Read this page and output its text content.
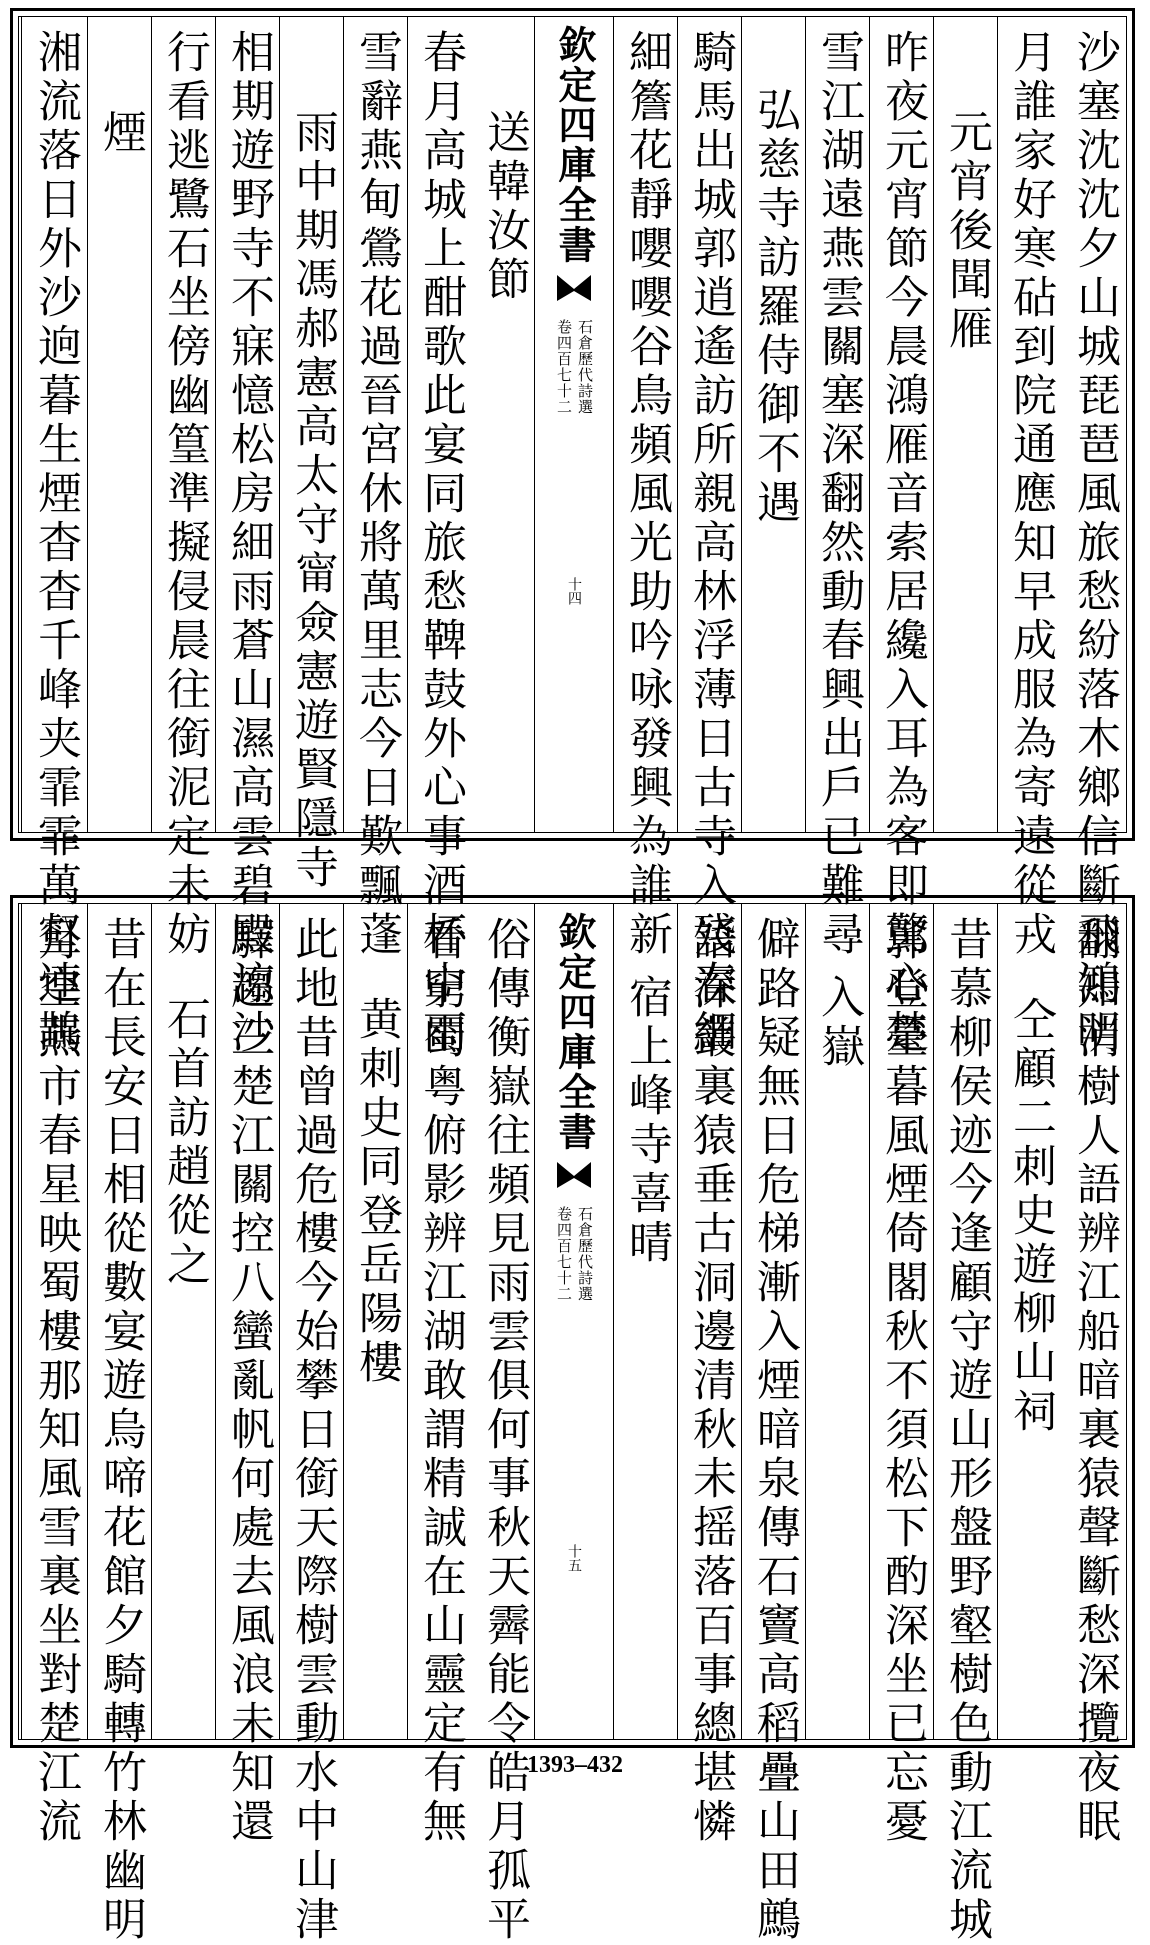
沙塞沈沈夕山城琵琶風旅愁紛落木鄉信斷飛鴻明
月誰家好寒砧到院通應知早成服為寄遠從戎
元宵後聞雁
昨夜元宵節今晨鴻雁音索居纔入耳為客即驚心楚
雪江湖遠燕雲關塞深翻然動春興出戶已難尋
弘慈寺訪羅侍御不遇
騎馬出城郭逍遙訪所親高林浮薄日古寺入殘春細
細簷花靜嚶嚶谷鳥頻風光助吟咏發興為誰新
欽定四庫全書
石倉歷代詩選
卷四百七十二
十四
送韓汝節
春月高城上酣歌此宴同旅愁鞞鼓外心事酒杯中雨
雪辭燕甸鶯花過晉宮休將萬里志今日歎飄蓬
雨中期馮郝憲高太守甯僉憲遊賢隱寺
相期遊野寺不寐憶松房細雨蒼山濕高雲碧殿涼沙
行看逃鷺石坐傍幽篁準擬侵晨往銜泥定未妨
煙
湘流落日外沙逈暮生煙杳杳千峰夹霏霏萬壑連鵲
翻知消樹人語辨江船暗裏猿聲斷愁深攬夜眠
仝顧二刺史遊柳山祠
昔慕柳侯迹今逢顧守遊山形盤野壑樹色動江流城
郭登臺暮風煙倚閣秋不須松下酌深坐已忘憂
入嶽
僻路疑無日危梯漸入煙暗泉傳石竇高稻疊山田鷓
語深叢裏猿垂古洞邊清秋未摇落百事總堪憐
宿上峰寺喜晴
欽定四庫全書
石倉歷代詩選
卷四百七十二
十五
俗傳衡嶽往頻見雨雲俱何事秋天霽能令皓月孤平
看窮蜀粤俯影辨江湖敢謂精誠在山靈定有無
黄刺史同登岳陽樓
此地昔曾過危樓今始攀日銜天際樹雲動水中山津
驛趨三楚江關控八蠻亂帆何處去風浪未知還
石首訪趙從之
昔在長安日相從數宴遊烏啼花館夕騎轉竹林幽明
月空燕市春星映蜀樓那知風雪裏坐對楚江流	1393–432
